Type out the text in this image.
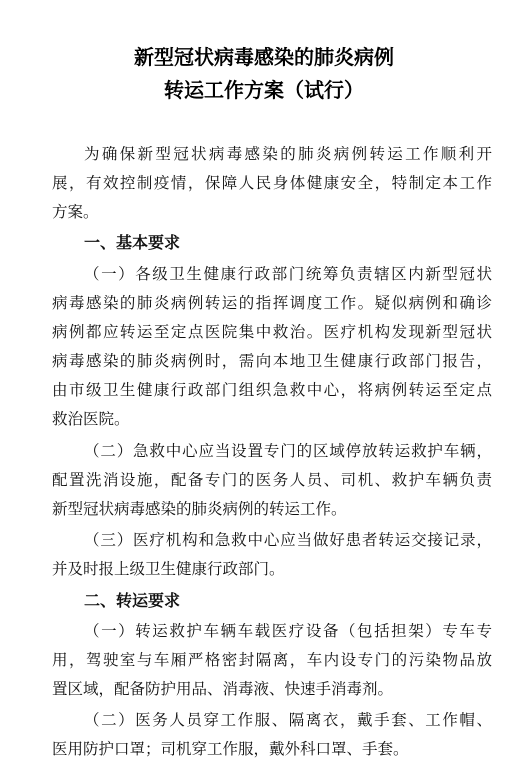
新型冠状病毒感染的肺炎病例
转运工作方案（试行）
为确保新型冠状病毒感染的肺炎病例转运工作顺利开
展，有效控制疫情，保障人民身体健康安全，特制定本工作
方案。
一、基本要求
（一）各级卫生健康行政部门统筹负责辖区内新型冠状
病毒感染的肺炎病例转运的指挥调度工作。疑似病例和确诊
病例都应转运至定点医院集中救治。医疗机构发现新型冠状
病毒感染的肺炎病例时，需向本地卫生健康行政部门报告，
由市级卫生健康行政部门组织急救中心，将病例转运至定点
救治医院。
（二）急救中心应当设置专门的区域停放转运救护车辆，
配置洗消设施，配备专门的医务人员、司机、救护车辆负责
新型冠状病毒感染的肺炎病例的转运工作。
（三）医疗机构和急救中心应当做好患者转运交接记录，
并及时报上级卫生健康行政部门。
二、转运要求
（一）转运救护车辆车载医疗设备（包括担架）专车专
用，驾驶室与车厢严格密封隔离，车内设专门的污染物品放
置区域，配备防护用品、消毒液、快速手消毒剂。
（二）医务人员穿工作服、隔离衣，戴手套、工作帽、
医用防护口罩；司机穿工作服，戴外科口罩、手套。
